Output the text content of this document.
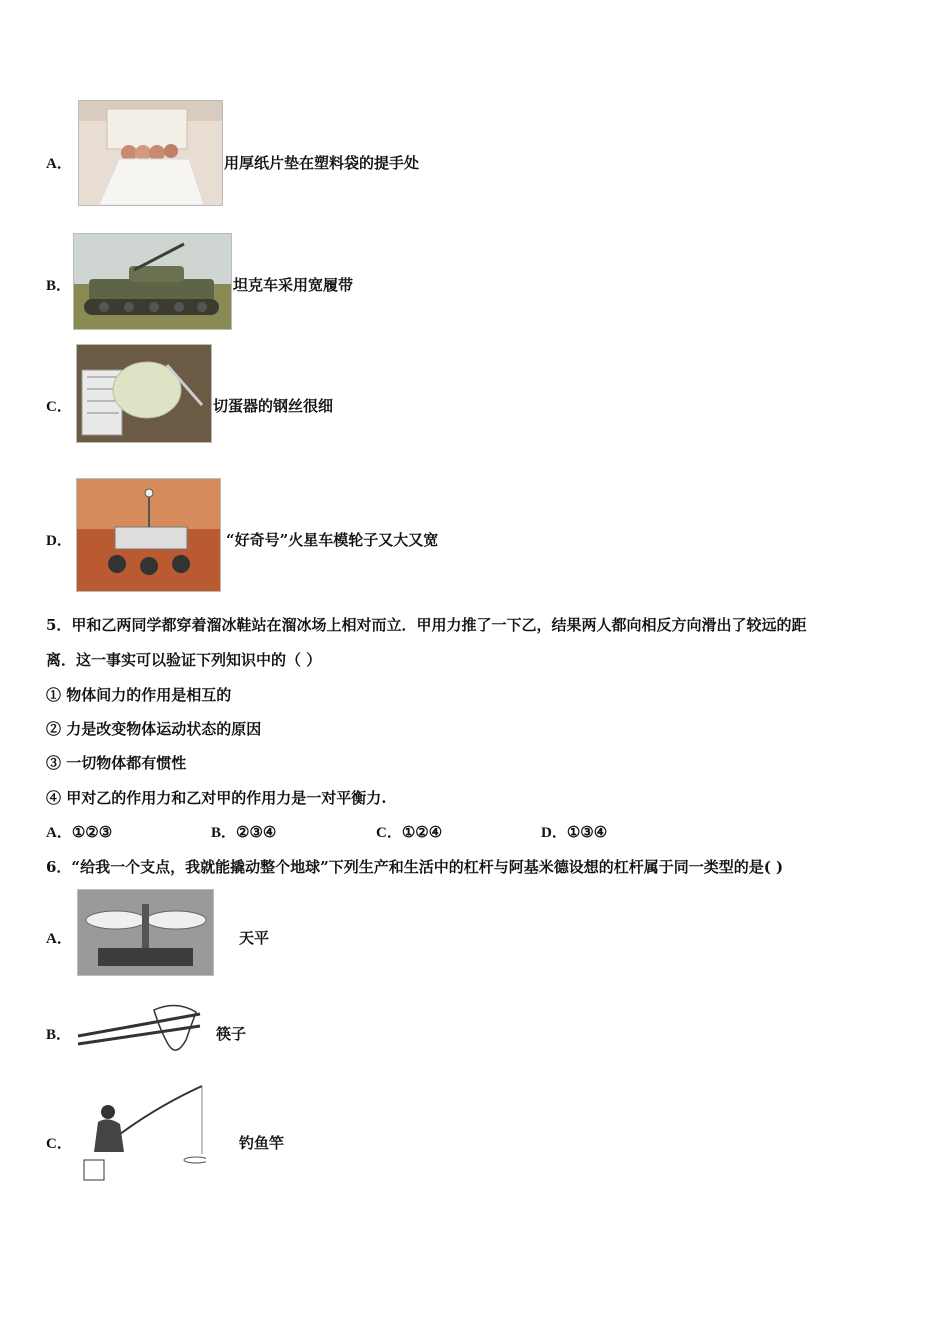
A．	用厚纸片垫在塑料袋的提手处
B．	坦克车采用宽履带
C．	切蛋器的钢丝很细
D．	“好奇号”火星车模轮子又大又宽
5．甲和乙两同学都穿着溜冰鞋站在溜冰场上相对而立．甲用力推了一下乙，结果两人都向相反方向滑出了较远的距
离．这一事实可以验证下列知识中的（ ）
① 物体间力的作用是相互的
② 力是改变物体运动状态的原因
③ 一切物体都有惯性
④ 甲对乙的作用力和乙对甲的作用力是一对平衡力.
A．①②③	B．②③④	C．①②④	D．①③④
6．“给我一个支点，我就能撬动整个地球”下列生产和生活中的杠杆与阿基米德设想的杠杆属于同一类型的是( )
A．	天平
B．	筷子
C．	钓鱼竿
